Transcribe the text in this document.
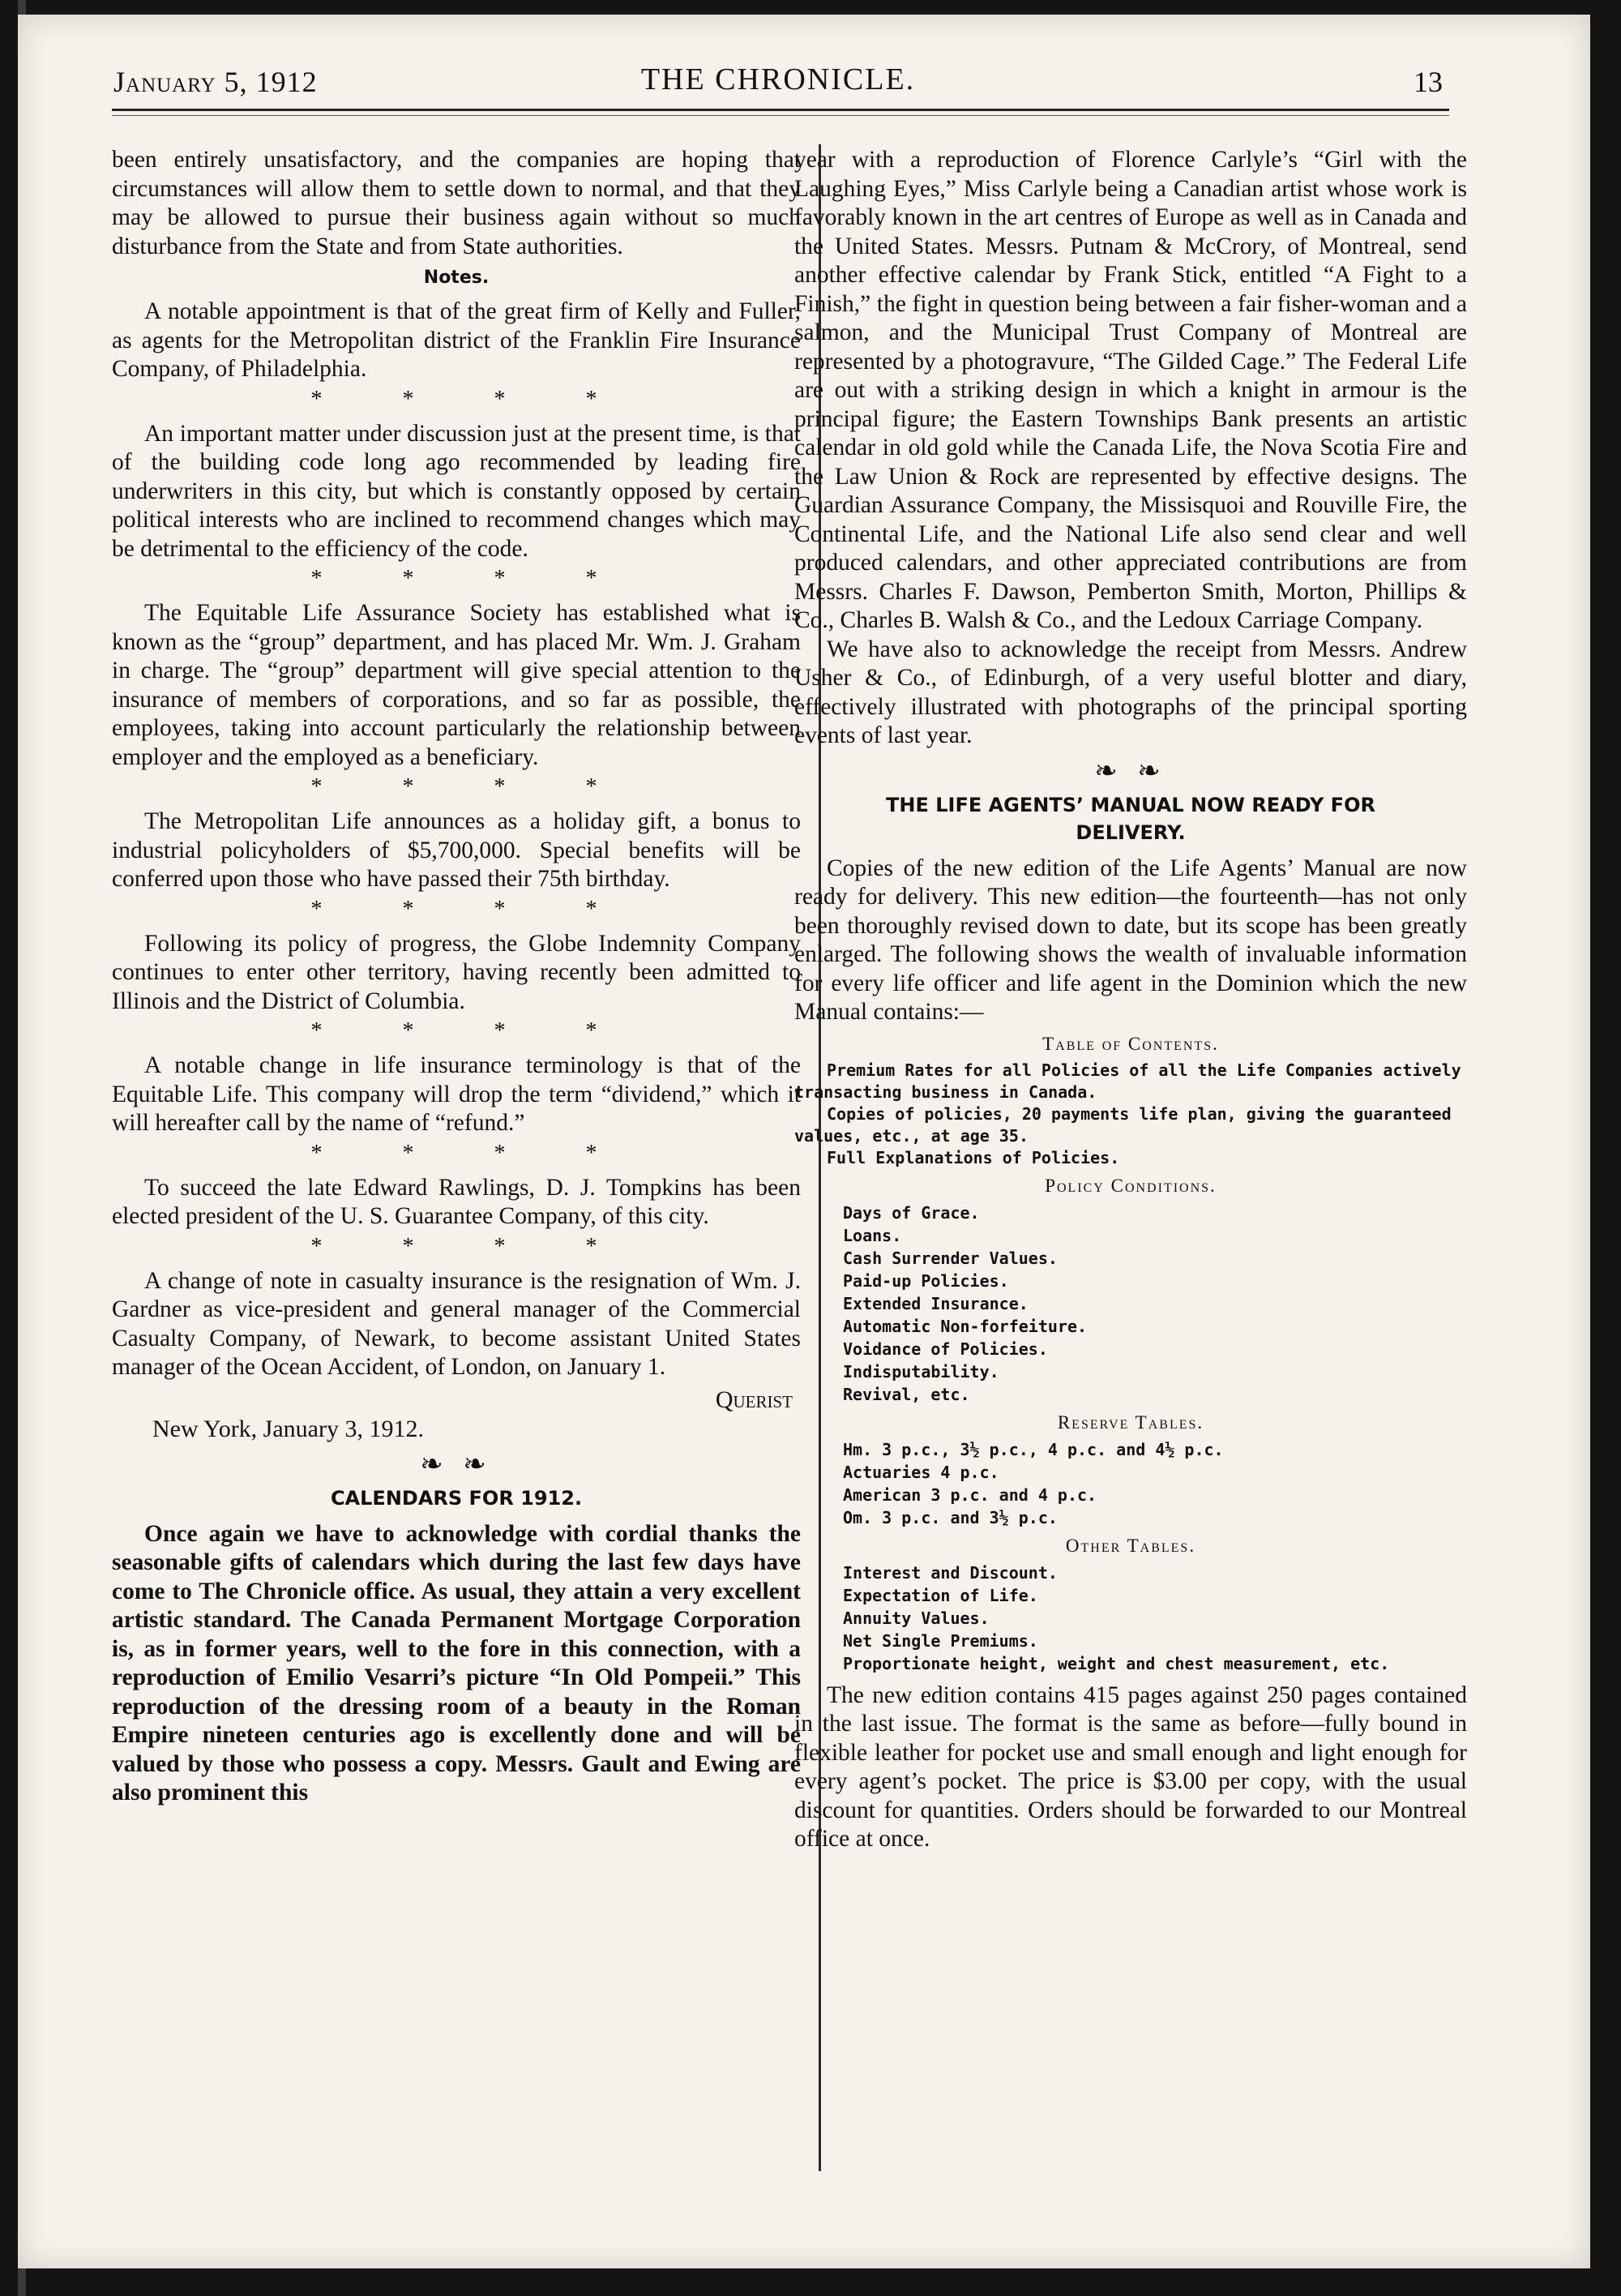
January 5, 1912	THE CHRONICLE.	13

been entirely unsatisfactory, and the companies are hoping that circumstances will allow them to settle down to normal, and that they may be allowed to pursue their business again without so much disturbance from the State and from State authorities.

Notes.

A notable appointment is that of the great firm of Kelly and Fuller, as agents for the Metropolitan district of the Franklin Fire Insurance Company, of Philadelphia.

* * * *

An important matter under discussion just at the present time, is that of the building code long ago recommended by leading fire underwriters in this city, but which is constantly opposed by certain political interests who are inclined to recommend changes which may be detrimental to the efficiency of the code.

* * * *

The Equitable Life Assurance Society has established what is known as the “group” department, and has placed Mr. Wm. J. Graham in charge. The “group” department will give special attention to the insurance of members of corporations, and so far as possible, the employees, taking into account particularly the relationship between employer and the employed as a beneficiary.

* * * *

The Metropolitan Life announces as a holiday gift, a bonus to industrial policyholders of $5,700,000. Special benefits will be conferred upon those who have passed their 75th birthday.

* * * *

Following its policy of progress, the Globe Indemnity Company continues to enter other territory, having recently been admitted to Illinois and the District of Columbia.

* * * *

A notable change in life insurance terminology is that of the Equitable Life. This company will drop the term “dividend,” which it will hereafter call by the name of “refund.”

* * * *

To succeed the late Edward Rawlings, D. J. Tompkins has been elected president of the U. S. Guarantee Company, of this city.

* * * *

A change of note in casualty insurance is the resignation of Wm. J. Gardner as vice-president and general manager of the Commercial Casualty Company, of Newark, to become assistant United States manager of the Ocean Accident, of London, on January 1.

Querist
New York, January 3, 1912.
❧ ❧
CALENDARS FOR 1912.

Once again we have to acknowledge with cordial thanks the seasonable gifts of calendars which during the last few days have come to The Chronicle office. As usual, they attain a very excellent artistic standard. The Canada Permanent Mortgage Corporation is, as in former years, well to the fore in this connection, with a reproduction of Emilio Vesarri’s picture “In Old Pompeii.” This reproduction of the dressing room of a beauty in the Roman Empire nineteen centuries ago is excellently done and will be valued by those who possess a copy. Messrs. Gault and Ewing are also prominent this

year with a reproduction of Florence Carlyle’s “Girl with the Laughing Eyes,” Miss Carlyle being a Canadian artist whose work is favorably known in the art centres of Europe as well as in Canada and the United States. Messrs. Putnam & McCrory, of Montreal, send another effective calendar by Frank Stick, entitled “A Fight to a Finish,” the fight in question being between a fair fisher-woman and a salmon, and the Municipal Trust Company of Montreal are represented by a photogravure, “The Gilded Cage.” The Federal Life are out with a striking design in which a knight in armour is the principal figure; the Eastern Townships Bank presents an artistic calendar in old gold while the Canada Life, the Nova Scotia Fire and the Law Union & Rock are represented by effective designs. The Guardian Assurance Company, the Missisquoi and Rouville Fire, the Continental Life, and the National Life also send clear and well produced calendars, and other appreciated contributions are from Messrs. Charles F. Dawson, Pemberton Smith, Morton, Phillips & Co., Charles B. Walsh & Co., and the Ledoux Carriage Company.

We have also to acknowledge the receipt from Messrs. Andrew Usher & Co., of Edinburgh, of a very useful blotter and diary, effectively illustrated with photographs of the principal sporting events of last year.

❧ ❧
THE LIFE AGENTS’ MANUAL NOW READY FOR
DELIVERY.

Copies of the new edition of the Life Agents’ Manual are now ready for delivery. This new edition—the fourteenth—has not only been thoroughly revised down to date, but its scope has been greatly enlarged. The following shows the wealth of invaluable information for every life officer and life agent in the Dominion which the new Manual contains:—

Table of Contents.
Premium Rates for all Policies of all the Life Companies actively transacting business in Canada.
Copies of policies, 20 payments life plan, giving the guaranteed values, etc., at age 35.
Full Explanations of Policies.
Policy Conditions.
Days of Grace.
Loans.
Cash Surrender Values.
Paid-up Policies.
Extended Insurance.
Automatic Non-forfeiture.
Voidance of Policies.
Indisputability.
Revival, etc.
Reserve Tables.
Hm. 3 p.c., 3½ p.c., 4 p.c. and 4½ p.c.
Actuaries 4 p.c.
American 3 p.c. and 4 p.c.
Om. 3 p.c. and 3½ p.c.
Other Tables.
Interest and Discount.
Expectation of Life.
Annuity Values.
Net Single Premiums.
Proportionate height, weight and chest measurement, etc.

The new edition contains 415 pages against 250 pages contained in the last issue. The format is the same as before—fully bound in flexible leather for pocket use and small enough and light enough for every agent’s pocket. The price is $3.00 per copy, with the usual discount for quantities. Orders should be forwarded to our Montreal office at once.
